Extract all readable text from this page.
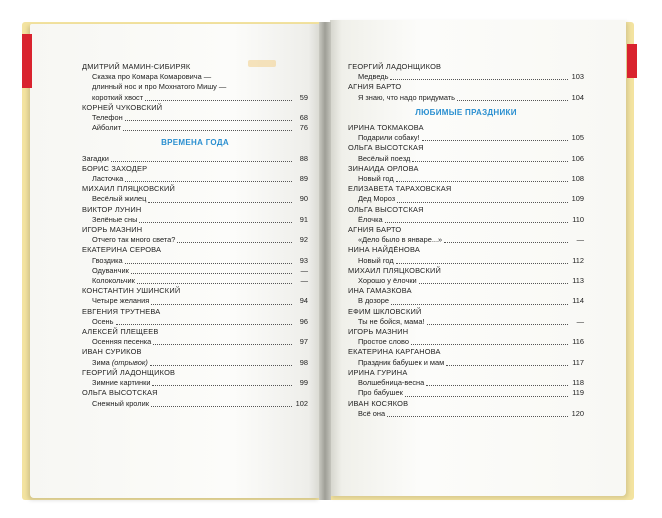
ДМИТРИЙ МАМИН-СИБИРЯК
Сказка про Комара Комаровича —
длинный нос и про Мохнатого Мишу —
короткий хвост	59
КОРНЕЙ ЧУКОВСКИЙ
Телефон	68
Айболит	76
ВРЕМЕНА ГОДА
Загадки	88
БОРИС ЗАХОДЕР
Ласточка	89
МИХАИЛ ПЛЯЦКОВСКИЙ
Весёлый жилец	90
ВИКТОР ЛУНИН
Зелёные сны	91
ИГОРЬ МАЗНИН
Отчего так много света?	92
ЕКАТЕРИНА СЕРОВА
Гвоздика	93
Одуванчик	—
Колокольчик	—
КОНСТАНТИН УШИНСКИЙ
Четыре желания	94
ЕВГЕНИЯ ТРУТНЕВА
Осень	96
АЛЕКСЕЙ ПЛЕЩЕЕВ
Осенняя песенка	97
ИВАН СУРИКОВ
Зима (отрывок)	98
ГЕОРГИЙ ЛАДОНЩИКОВ
Зимние картинки	99
ОЛЬГА ВЫСОТСКАЯ
Снежный кролик	102
ГЕОРГИЙ ЛАДОНЩИКОВ
Медведь	103
АГНИЯ БАРТО
Я знаю, что надо придумать	104
ЛЮБИМЫЕ ПРАЗДНИКИ
ИРИНА ТОКМАКОВА
Подарили собаку!	105
ОЛЬГА ВЫСОТСКАЯ
Весёлый поезд	106
ЗИНАИДА ОРЛОВА
Новый год	108
ЕЛИЗАВЕТА ТАРАХОВСКАЯ
Дед Мороз	109
ОЛЬГА ВЫСОТСКАЯ
Ёлочка	110
АГНИЯ БАРТО
«Дело было в январе...»	—
НИНА НАЙДЁНОВА
Новый год	112
МИХАИЛ ПЛЯЦКОВСКИЙ
Хорошо у ёлочки	113
ИНА ГАМАЗКОВА
В дозоре	114
ЕФИМ ШКЛОВСКИЙ
Ты не бойся, мама!	—
ИГОРЬ МАЗНИН
Простое слово	116
ЕКАТЕРИНА КАРГАНОВА
Праздник бабушек и мам	117
ИРИНА ГУРИНА
Волшебница-весна	118
Про бабушек	119
ИВАН КОСЯКОВ
Всё она	120
